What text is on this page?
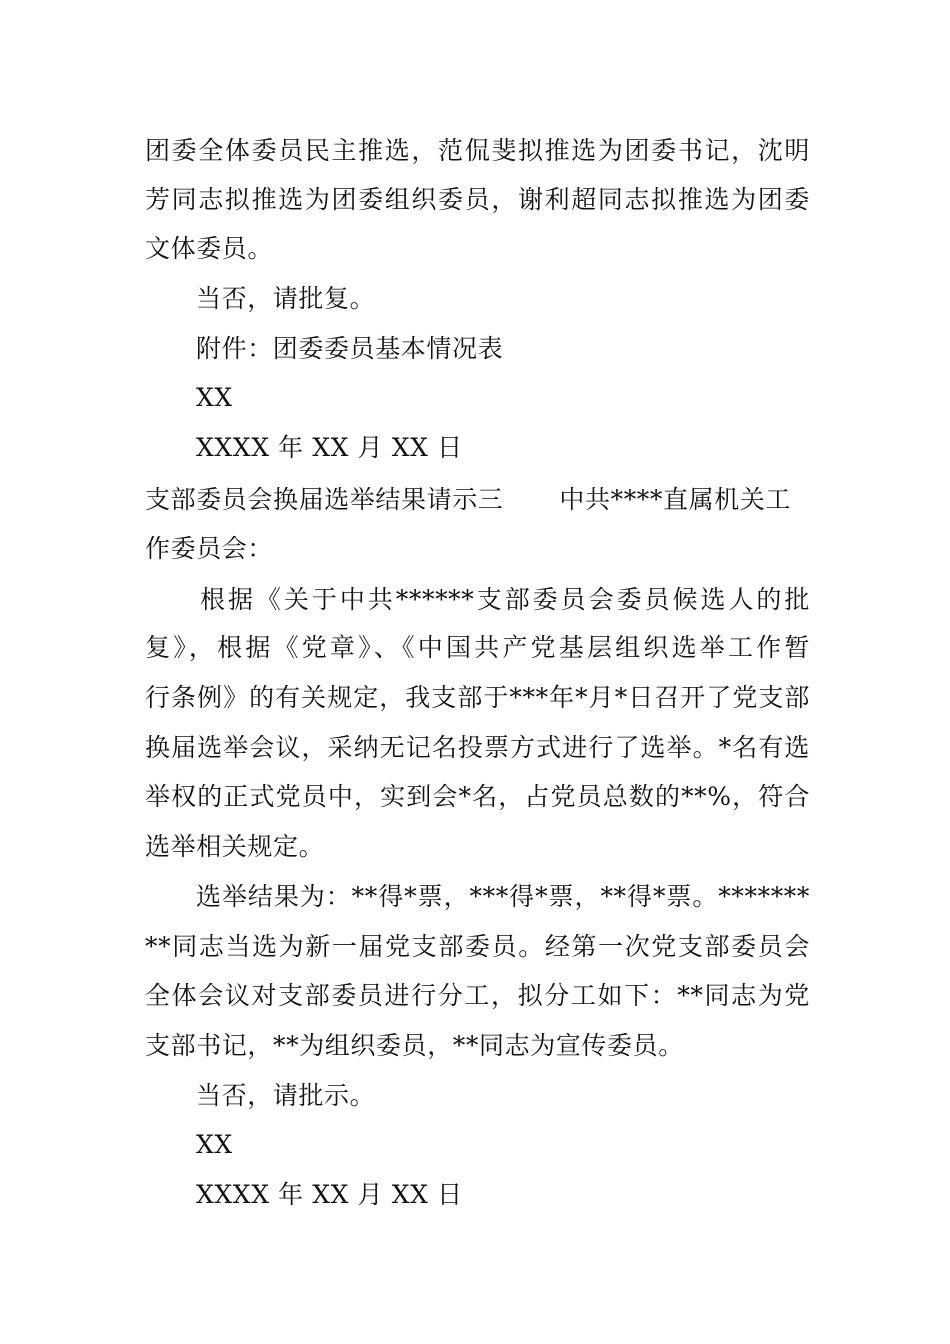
团委全体委员民主推选，范侃斐拟推选为团委书记，沈明
芳同志拟推选为团委组织委员，谢利超同志拟推选为团委
文体委员。
当否，请批复。
附件：团委委员基本情况表
XX
XXXX 年 XX 月 XX 日
支部委员会换届选举结果请示三 中共****直属机关工
作委员会：
根据《关于中共******支部委员会委员候选人的批
复》，根据《党章》、《中国共产党基层组织选举工作暂
行条例》的有关规定，我支部于***年*月*日召开了党支部
换届选举会议，采纳无记名投票方式进行了选举。*名有选
举权的正式党员中，实到会*名，占党员总数的**%，符合
选举相关规定。
选举结果为：**得*票，***得*票，**得*票。*******
**同志当选为新一届党支部委员。经第一次党支部委员会
全体会议对支部委员进行分工，拟分工如下：**同志为党
支部书记，**为组织委员，**同志为宣传委员。
当否，请批示。
XX
XXXX 年 XX 月 XX 日
